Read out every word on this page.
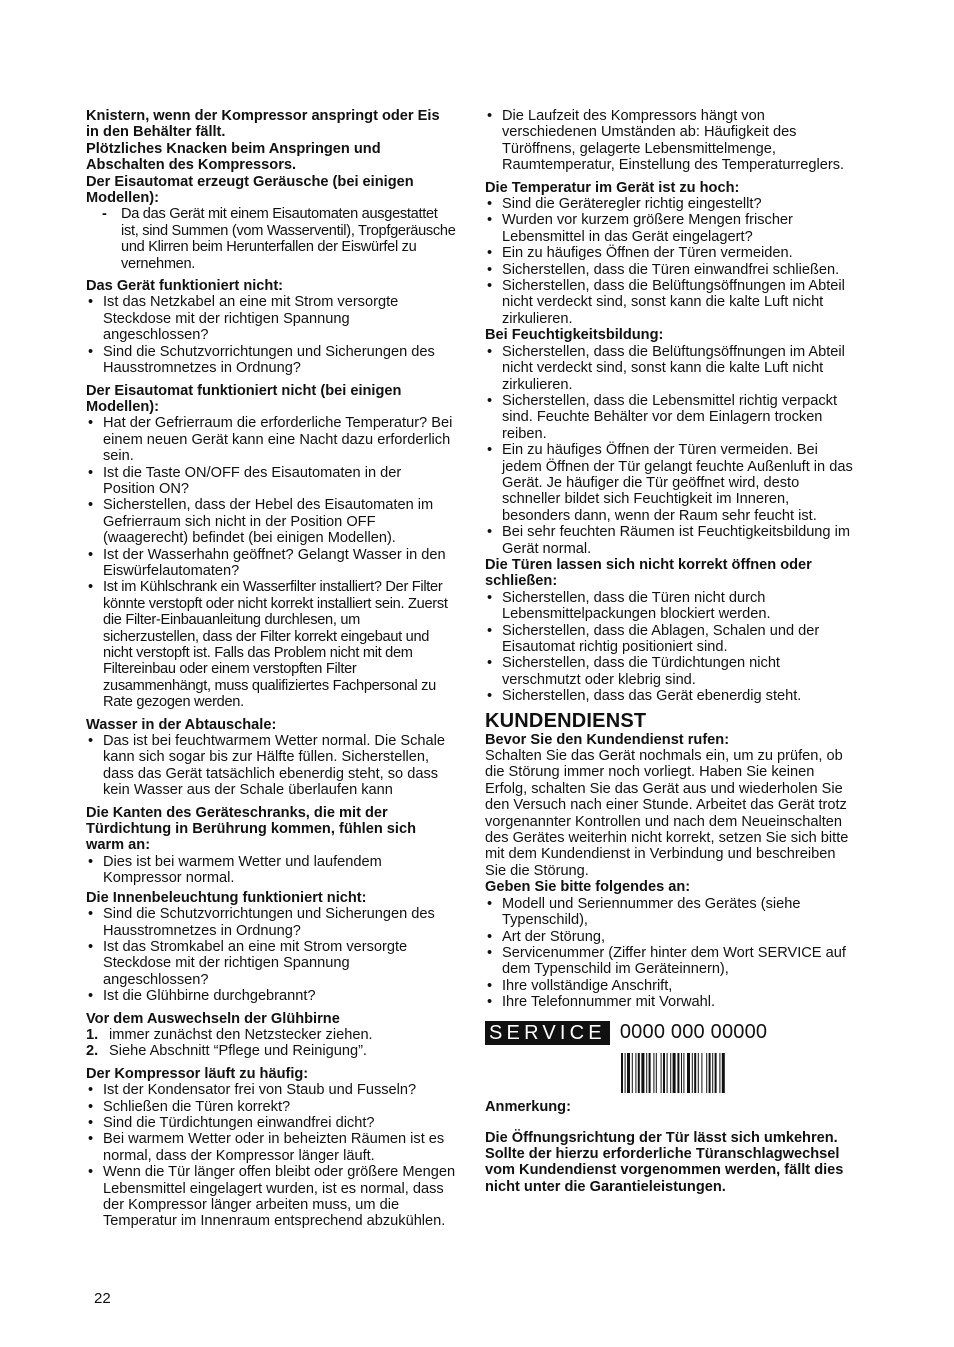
Knistern, wenn der Kompressor anspringt oder Eis in den Behälter fällt.

Plötzliches Knacken beim Anspringen und Abschalten des Kompressors.

Der Eisautomat erzeugt Geräusche (bei einigen Modellen):

- Da das Gerät mit einem Eisautomaten ausgestattet ist, sind Summen (vom Wasserventil), Tropfgeräusche und Klirren beim Herunterfallen der Eiswürfel zu vernehmen.

Das Gerät funktioniert nicht:

• Ist das Netzkabel an eine mit Strom versorgte Steckdose mit der richtigen Spannung angeschlossen?
• Sind die Schutzvorrichtungen und Sicherungen des Hausstromnetzes in Ordnung?

Der Eisautomat funktioniert nicht (bei einigen Modellen):

• Hat der Gefrierraum die erforderliche Temperatur? Bei einem neuen Gerät kann eine Nacht dazu erforderlich sein.
• Ist die Taste ON/OFF des Eisautomaten in der Position ON?
• Sicherstellen, dass der Hebel des Eisautomaten im Gefrierraum sich nicht in der Position OFF (waagerecht) befindet (bei einigen Modellen).
• Ist der Wasserhahn geöffnet? Gelangt Wasser in den Eiswürfelautomaten?
• Ist im Kühlschrank ein Wasserfilter installiert? Der Filter könnte verstopft oder nicht korrekt installiert sein. Zuerst die Filter-Einbauanleitung durchlesen, um sicherzustellen, dass der Filter korrekt eingebaut und nicht verstopft ist. Falls das Problem nicht mit dem Filtereinbau oder einem verstopften Filter zusammenhängt, muss qualifiziertes Fachpersonal zu Rate gezogen werden.

Wasser in der Abtauschale:

• Das ist bei feuchtwarmem Wetter normal. Die Schale kann sich sogar bis zur Hälfte füllen. Sicherstellen, dass das Gerät tatsächlich ebenerdig steht, so dass kein Wasser aus der Schale überlaufen kann

Die Kanten des Geräteschranks, die mit der Türdichtung in Berührung kommen, fühlen sich warm an:

• Dies ist bei warmem Wetter und laufendem Kompressor normal.

Die Innenbeleuchtung funktioniert nicht:

• Sind die Schutzvorrichtungen und Sicherungen des Hausstromnetzes in Ordnung?
• Ist das Stromkabel an eine mit Strom versorgte Steckdose mit der richtigen Spannung angeschlossen?
• Ist die Glühbirne durchgebrannt?

Vor dem Auswechseln der Glühbirne

1. immer zunächst den Netzstecker ziehen.
2. Siehe Abschnitt “Pflege und Reinigung”.

Der Kompressor läuft zu häufig:

• Ist der Kondensator frei von Staub und Fusseln?
• Schließen die Türen korrekt?
• Sind die Türdichtungen einwandfrei dicht?
• Bei warmem Wetter oder in beheizten Räumen ist es normal, dass der Kompressor länger läuft.
• Wenn die Tür länger offen bleibt oder größere Mengen Lebensmittel eingelagert wurden, ist es normal, dass der Kompressor länger arbeiten muss, um die Temperatur im Innenraum entsprechend abzukühlen.
• Die Laufzeit des Kompressors hängt von verschiedenen Umständen ab: Häufigkeit des Türöffnens, gelagerte Lebensmittelmenge, Raumtemperatur, Einstellung des Temperaturreglers.

Die Temperatur im Gerät ist zu hoch:

• Sind die Geräteregler richtig eingestellt?
• Wurden vor kurzem größere Mengen frischer Lebensmittel in das Gerät eingelagert?
• Ein zu häufiges Öffnen der Türen vermeiden.
• Sicherstellen, dass die Türen einwandfrei schließen.
• Sicherstellen, dass die Belüftungsöffnungen im Abteil nicht verdeckt sind, sonst kann die kalte Luft nicht zirkulieren.

Bei Feuchtigkeitsbildung:

• Sicherstellen, dass die Belüftungsöffnungen im Abteil nicht verdeckt sind, sonst kann die kalte Luft nicht zirkulieren.
• Sicherstellen, dass die Lebensmittel richtig verpackt sind. Feuchte Behälter vor dem Einlagern trocken reiben.
• Ein zu häufiges Öffnen der Türen vermeiden. Bei jedem Öffnen der Tür gelangt feuchte Außenluft in das Gerät. Je häufiger die Tür geöffnet wird, desto schneller bildet sich Feuchtigkeit im Inneren, besonders dann, wenn der Raum sehr feucht ist.
• Bei sehr feuchten Räumen ist Feuchtigkeitsbildung im Gerät normal.

Die Türen lassen sich nicht korrekt öffnen oder schließen:

• Sicherstellen, dass die Türen nicht durch Lebensmittelpackungen blockiert werden.
• Sicherstellen, dass die Ablagen, Schalen und der Eisautomat richtig positioniert sind.
• Sicherstellen, dass die Türdichtungen nicht verschmutzt oder klebrig sind.
• Sicherstellen, dass das Gerät ebenerdig steht.
KUNDENDIENST

Bevor Sie den Kundendienst rufen:

Schalten Sie das Gerät nochmals ein, um zu prüfen, ob die Störung immer noch vorliegt. Haben Sie keinen Erfolg, schalten Sie das Gerät aus und wiederholen Sie den Versuch nach einer Stunde. Arbeitet das Gerät trotz vorgenannter Kontrollen und nach dem Neueinschalten des Gerätes weiterhin nicht korrekt, setzen Sie sich bitte mit dem Kundendienst in Verbindung und beschreiben Sie die Störung.

Geben Sie bitte folgendes an:

• Modell und Seriennummer des Gerätes (siehe Typenschild),
• Art der Störung,
• Servicenummer (Ziffer hinter dem Wort SERVICE auf dem Typenschild im Geräteinnern),
• Ihre vollständige Anschrift,
• Ihre Telefonnummer mit Vorwahl.
SERVICE 0000 000 00000

Anmerkung:

Die Öffnungsrichtung der Tür lässt sich umkehren. Sollte der hierzu erforderliche Türanschlagwechsel vom Kundendienst vorgenommen werden, fällt dies nicht unter die Garantieleistungen.

22
